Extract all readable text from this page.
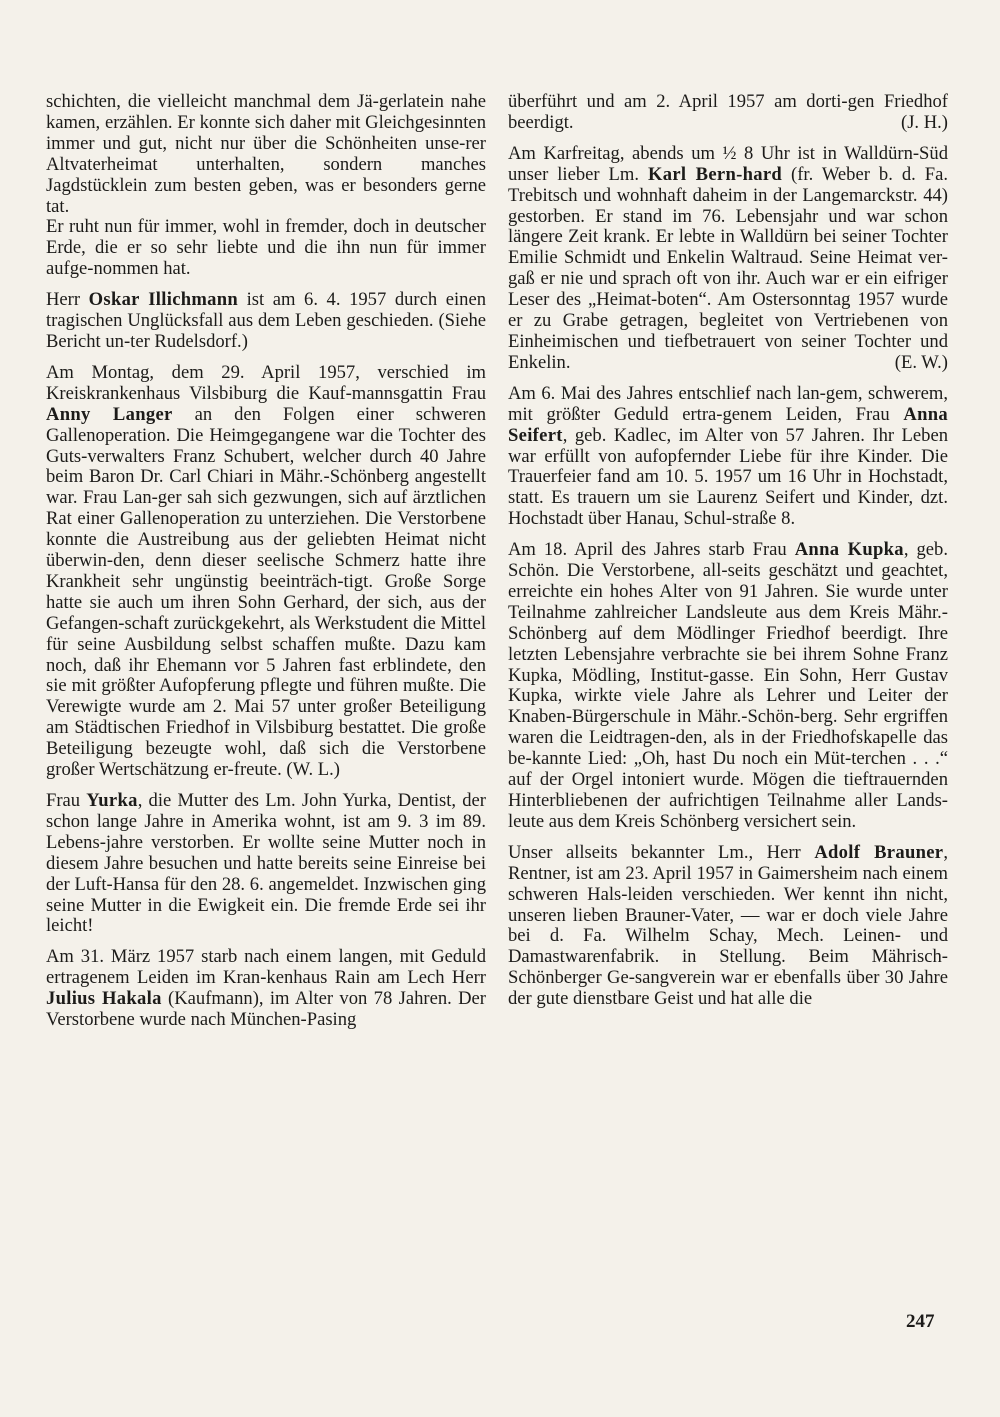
schichten, die vielleicht manchmal dem Jä-gerlatein nahe kamen, erzählen. Er konnte sich daher mit Gleichgesinnten immer und gut, nicht nur über die Schönheiten unse-rer Altvaterheimat unterhalten, sondern manches Jagdstücklein zum besten geben, was er besonders gerne tat.

Er ruht nun für immer, wohl in fremder, doch in deutscher Erde, die er so sehr liebte und die ihn nun für immer aufge-nommen hat.

Herr Oskar Illichmann ist am 6. 4. 1957 durch einen tragischen Unglücksfall aus dem Leben geschieden. (Siehe Bericht un-ter Rudelsdorf.)

Am Montag, dem 29. April 1957, verschied im Kreiskrankenhaus Vilsbiburg die Kauf-mannsgattin Frau Anny Langer an den Folgen einer schweren Gallenoperation. Die Heimgegangene war die Tochter des Guts-verwalters Franz Schubert, welcher durch 40 Jahre beim Baron Dr. Carl Chiari in Mähr.-Schönberg angestellt war. Frau Lan-ger sah sich gezwungen, sich auf ärztlichen Rat einer Gallenoperation zu unterziehen. Die Verstorbene konnte die Austreibung aus der geliebten Heimat nicht überwin-den, denn dieser seelische Schmerz hatte ihre Krankheit sehr ungünstig beeinträch-tigt. Große Sorge hatte sie auch um ihren Sohn Gerhard, der sich, aus der Gefangen-schaft zurückgekehrt, als Werkstudent die Mittel für seine Ausbildung selbst schaffen mußte. Dazu kam noch, daß ihr Ehemann vor 5 Jahren fast erblindete, den sie mit größter Aufopferung pflegte und führen mußte. Die Verewigte wurde am 2. Mai 57 unter großer Beteiligung am Städtischen Friedhof in Vilsbiburg bestattet. Die große Beteiligung bezeugte wohl, daß sich die Verstorbene großer Wertschätzung er-freute. (W. L.)

Frau Yurka, die Mutter des Lm. John Yurka, Dentist, der schon lange Jahre in Amerika wohnt, ist am 9. 3 im 89. Lebens-jahre verstorben. Er wollte seine Mutter noch in diesem Jahre besuchen und hatte bereits seine Einreise bei der Luft-Hansa für den 28. 6. angemeldet. Inzwischen ging seine Mutter in die Ewigkeit ein. Die fremde Erde sei ihr leicht!

Am 31. März 1957 starb nach einem langen, mit Geduld ertragenem Leiden im Kran-kenhaus Rain am Lech Herr Julius Hakala (Kaufmann), im Alter von 78 Jahren. Der Verstorbene wurde nach München-Pasing

überführt und am 2. April 1957 am dorti-gen Friedhof beerdigt.	(J. H.)

Am Karfreitag, abends um ½ 8 Uhr ist in Walldürn-Süd unser lieber Lm. Karl Bern-hard (fr. Weber b. d. Fa. Trebitsch und wohnhaft daheim in der Langemarckstr. 44) gestorben. Er stand im 76. Lebensjahr und war schon längere Zeit krank. Er lebte in Walldürn bei seiner Tochter Emilie Schmidt und Enkelin Waltraud. Seine Heimat ver-gaß er nie und sprach oft von ihr. Auch war er ein eifriger Leser des „Heimat-boten“. Am Ostersonntag 1957 wurde er zu Grabe getragen, begleitet von Vertriebenen von Einheimischen und tiefbetrauert von seiner Tochter und Enkelin.	(E. W.)

Am 6. Mai des Jahres entschlief nach lan-gem, schwerem, mit größter Geduld ertra-genem Leiden, Frau Anna Seifert, geb. Kadlec, im Alter von 57 Jahren. Ihr Leben war erfüllt von aufopfernder Liebe für ihre Kinder. Die Trauerfeier fand am 10. 5. 1957 um 16 Uhr in Hochstadt, statt. Es trauern um sie Laurenz Seifert und Kinder, dzt. Hochstadt über Hanau, Schul-straße 8.

Am 18. April des Jahres starb Frau Anna Kupka, geb. Schön. Die Verstorbene, all-seits geschätzt und geachtet, erreichte ein hohes Alter von 91 Jahren. Sie wurde unter Teilnahme zahlreicher Landsleute aus dem Kreis Mähr.-Schönberg auf dem Mödlinger Friedhof beerdigt. Ihre letzten Lebensjahre verbrachte sie bei ihrem Sohne Franz Kupka, Mödling, Institut-gasse. Ein Sohn, Herr Gustav Kupka, wirkte viele Jahre als Lehrer und Leiter der Knaben-Bürgerschule in Mähr.-Schön-berg. Sehr ergriffen waren die Leidtragen-den, als in der Friedhofskapelle das be-kannte Lied: „Oh, hast Du noch ein Müt-terchen . . .“ auf der Orgel intoniert wurde. Mögen die tieftrauernden Hinterbliebenen der aufrichtigen Teilnahme aller Lands-leute aus dem Kreis Schönberg versichert sein.

Unser allseits bekannter Lm., Herr Adolf Brauner, Rentner, ist am 23. April 1957 in Gaimersheim nach einem schweren Hals-leiden verschieden. Wer kennt ihn nicht, unseren lieben Brauner-Vater, — war er doch viele Jahre bei d. Fa. Wilhelm Schay, Mech. Leinen- und Damastwarenfabrik. in Stellung. Beim Mährisch-Schönberger Ge-sangverein war er ebenfalls über 30 Jahre der gute dienstbare Geist und hat alle die

247
